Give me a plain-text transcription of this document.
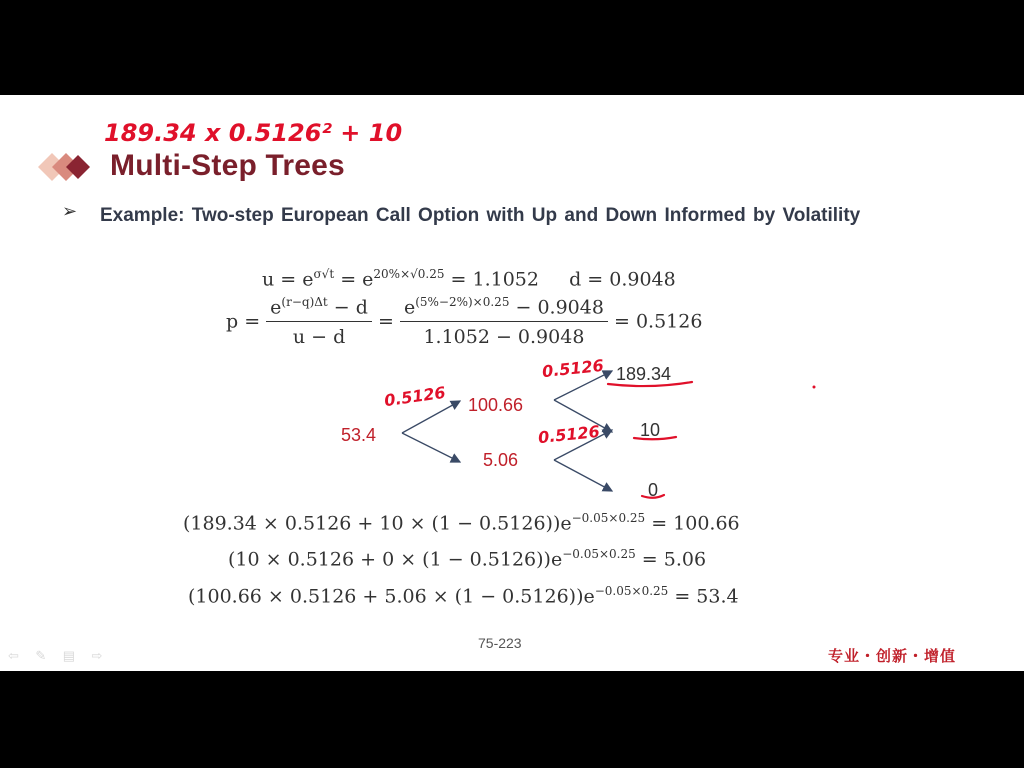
189.34 x 0.5126² + 10
Multi-Step Trees
➢ Example: Two-step European Call Option with Up and Down Informed by Volatility
$u = e^{\sigma√t} = e^{20\%\times√0.25} = 1.1052$ d = 0.9048
$p = \frac{e^{(r-q)\Delta t} - d}{u - d} = \frac{e^{(5\%-2\%)\times 0.25} - 0.9048}{1.1052 - 0.9048} = 0.5126$
53.4
100.66
5.06
189.34
10
0
0.5126
0.5126
0.5126
$(189.34 \times 0.5126 + 10 \times (1 - 0.5126))e^{-0.05\times 0.25} = 100.66$
$(10 \times 0.5126 + 0 \times (1 - 0.5126))e^{-0.05\times 0.25} = 5.06$
$(100.66 \times 0.5126 + 5.06 \times (1 - 0.5126))e^{-0.05\times 0.25} = 53.4$
⇦ ✎ ▤ ⇨
75-223
专业・创新・增值
